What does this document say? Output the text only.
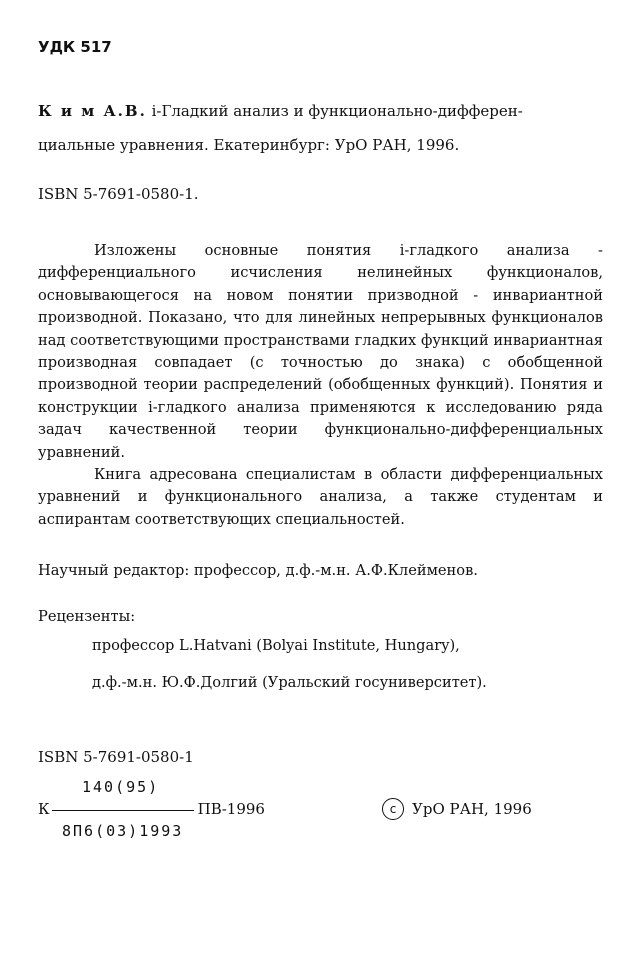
УДК 517
К и м А.В. i-Гладкий анализ и функционально-дифферен-
циальные уравнения. Екатеринбург: УрО РАН, 1996.
ISBN 5-7691-0580-1.

Изложены основные понятия i-гладкого анализа - дифференциального исчисления нелинейных функционалов, основывающегося на новом понятии призводной - инвариантной производной. Показано, что для линейных непрерывных функционалов над соответствующими пространствами гладких функций инвариантная производная совпадает (с точностью до знака) с обобщенной производной теории распределений (обобщенных функций). Понятия и конструкции i-гладкого анализа применяются к исследованию ряда задач качественной теории функционально-дифференциальных уравнений.

Книга адресована специалистам в области дифференциальных уравнений и функционального анализа, а также студентам и аспирантам соответствующих специальностей.

Научный редактор: профессор, д.ф.-м.н. А.Ф.Клейменов.
Рецензенты:
профессор L.Hatvani (Bolyai Institute, Hungary),
д.ф.-м.н. Ю.Ф.Долгий (Уральский госуниверситет).
ISBN 5-7691-0580-1
140(95)
К	ПВ-1996
8П6(03)1993
c	УрО РАН, 1996
